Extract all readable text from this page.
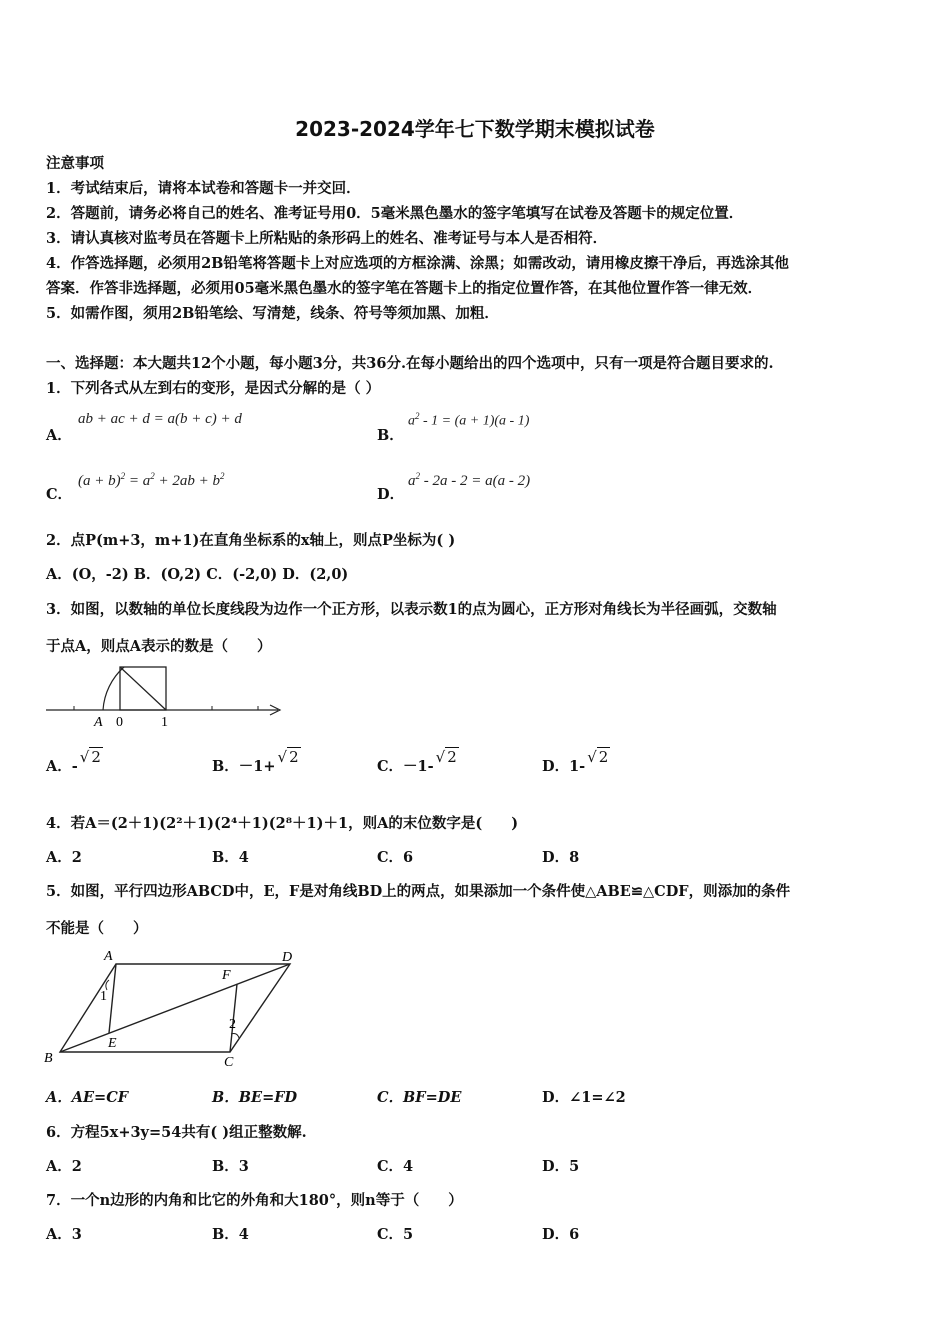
2023-2024学年七下数学期末模拟试卷
注意事项
1．考试结束后，请将本试卷和答题卡一并交回．
2．答题前，请务必将自己的姓名、准考证号用0．5毫米黑色墨水的签字笔填写在试卷及答题卡的规定位置．
3．请认真核对监考员在答题卡上所粘贴的条形码上的姓名、准考证号与本人是否相符．
4．作答选择题，必须用2B铅笔将答题卡上对应选项的方框涂满、涂黑；如需改动，请用橡皮擦干净后，再选涂其他
答案．作答非选择题，必须用05毫米黑色墨水的签字笔在答题卡上的指定位置作答，在其他位置作答一律无效．
5．如需作图，须用2B铅笔绘、写清楚，线条、符号等须加黑、加粗．
一、选择题：本大题共12个小题，每小题3分，共36分.在每小题给出的四个选项中，只有一项是符合题目要求的.
1．下列各式从左到右的变形，是因式分解的是（ ）
A．
ab + ac + d = a(b + c) + d
B．
$a^2 - 1 = (a + 1)(a - 1)$
C．
$(a + b)^2 = a^2 + 2ab + b^2$
D．
$a^2 - 2a - 2 = a(a - 2)$
2．点P(m+3，m+1)在直角坐标系的x轴上，则点P坐标为( )
A．(O，-2) B．(O,2) C．(-2,0) D．(2,0)
3．如图，以数轴的单位长度线段为边作一个正方形，以表示数1的点为圆心，正方形对角线长为半径画弧，交数轴
于点A，则点A表示的数是（　　）
A 0	1
A．-√ 2
B．－1+√ 2
C．－1-√ 2
D．1-√ 2
4．若A＝(2＋1)(2²＋1)(2⁴＋1)(2⁸＋1)＋1，则A的末位数字是(　　)
A．2	B．4	C．6	D．8
5．如图，平行四边形ABCD中，E，F是对角线BD上的两点，如果添加一个条件使△ABE≌△CDF，则添加的条件
不能是（　　）
A	D
F
1
2
E
B	C
A．AE=CF	B．BE=FD	C．BF=DE	D．∠1=∠2
6．方程5x+3y=54共有( )组正整数解.
A．2	B．3	C．4	D．5
7．一个n边形的内角和比它的外角和大180°，则n等于（　　）
A．3	B．4	C．5	D．6
